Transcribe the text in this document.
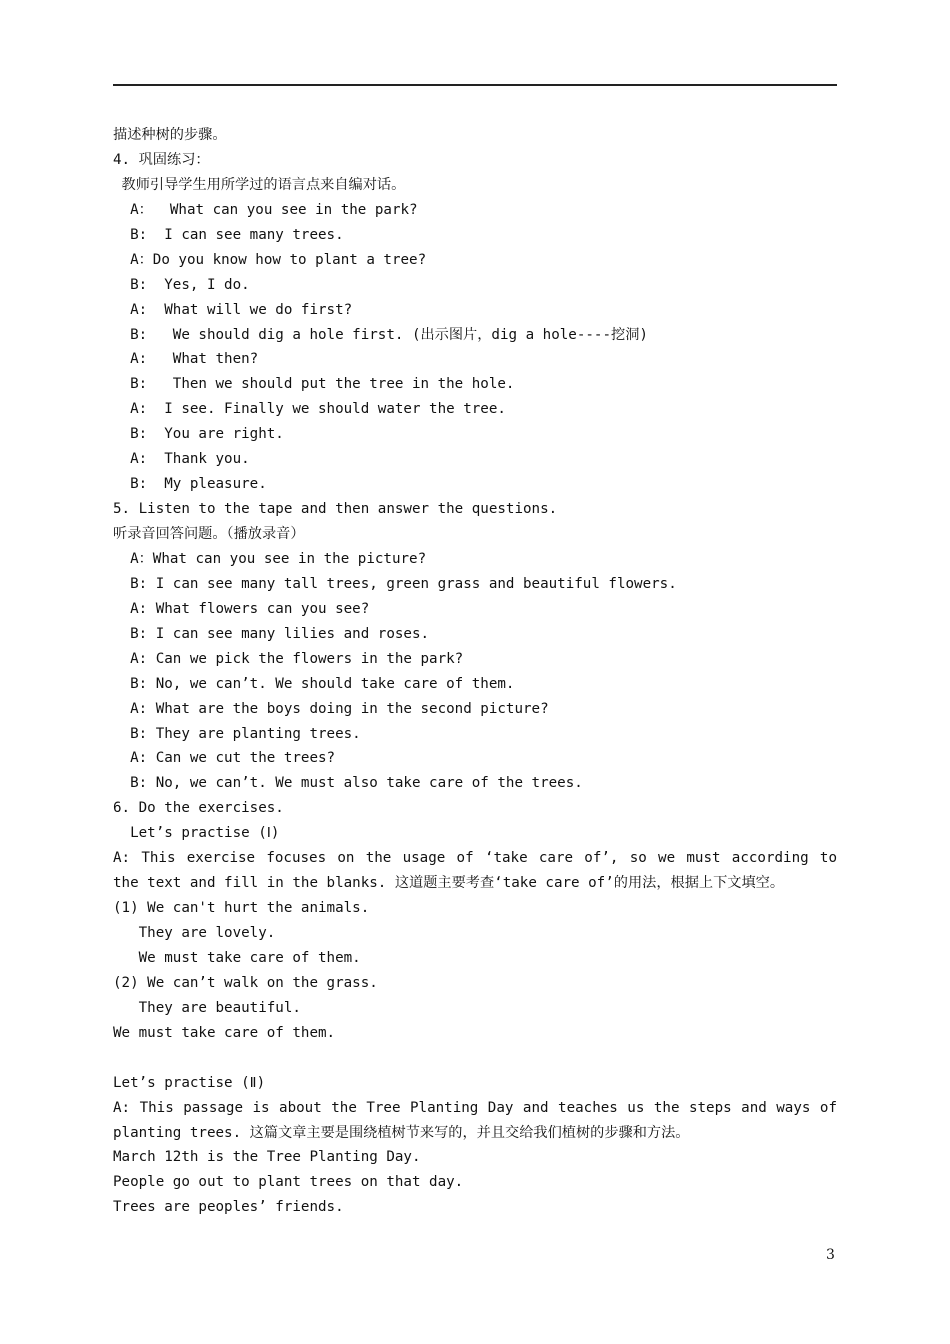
描述种树的步骤。
4. 巩固练习：
教师引导学生用所学过的语言点来自编对话。
A：  What can you see in the park?
B:  I can see many trees.
A：Do you know how to plant a tree?
B:  Yes, I do.
A:  What will we do first?
B:   We should dig a hole first. (出示图片，dig a hole----挖洞)
A:   What then?
B:   Then we should put the tree in the hole.
A:  I see. Finally we should water the tree.
B:  You are right.
A:  Thank you.
B:  My pleasure.
5. Listen to the tape and then answer the questions.
听录音回答问题。（播放录音）
A：What can you see in the picture?
B: I can see many tall trees, green grass and beautiful flowers.
A: What flowers can you see?
B: I can see many lilies and roses.
A: Can we pick the flowers in the park?
B: No, we can’t. We should take care of them.
A: What are the boys doing in the second picture?
B: They are planting trees.
A: Can we cut the trees?
B: No, we can’t. We must also take care of the trees.
6. Do the exercises.
Let’s practise (Ⅰ)
A: This exercise focuses on the usage of ‘take care of’, so we must according to
the text and fill in the blanks. 这道题主要考查‘take care of’的用法，根据上下文填空。
(1) We can't hurt the animals.
They are lovely.
We must take care of them.
(2) We can’t walk on the grass.
They are beautiful.
We must take care of them.
Let’s practise (Ⅱ)
A: This passage is about the Tree Planting Day and teaches us the steps and ways of
planting trees. 这篇文章主要是围绕植树节来写的，并且交给我们植树的步骤和方法。
March 12th is the Tree Planting Day.
People go out to plant trees on that day.
Trees are peoples’ friends.
3
